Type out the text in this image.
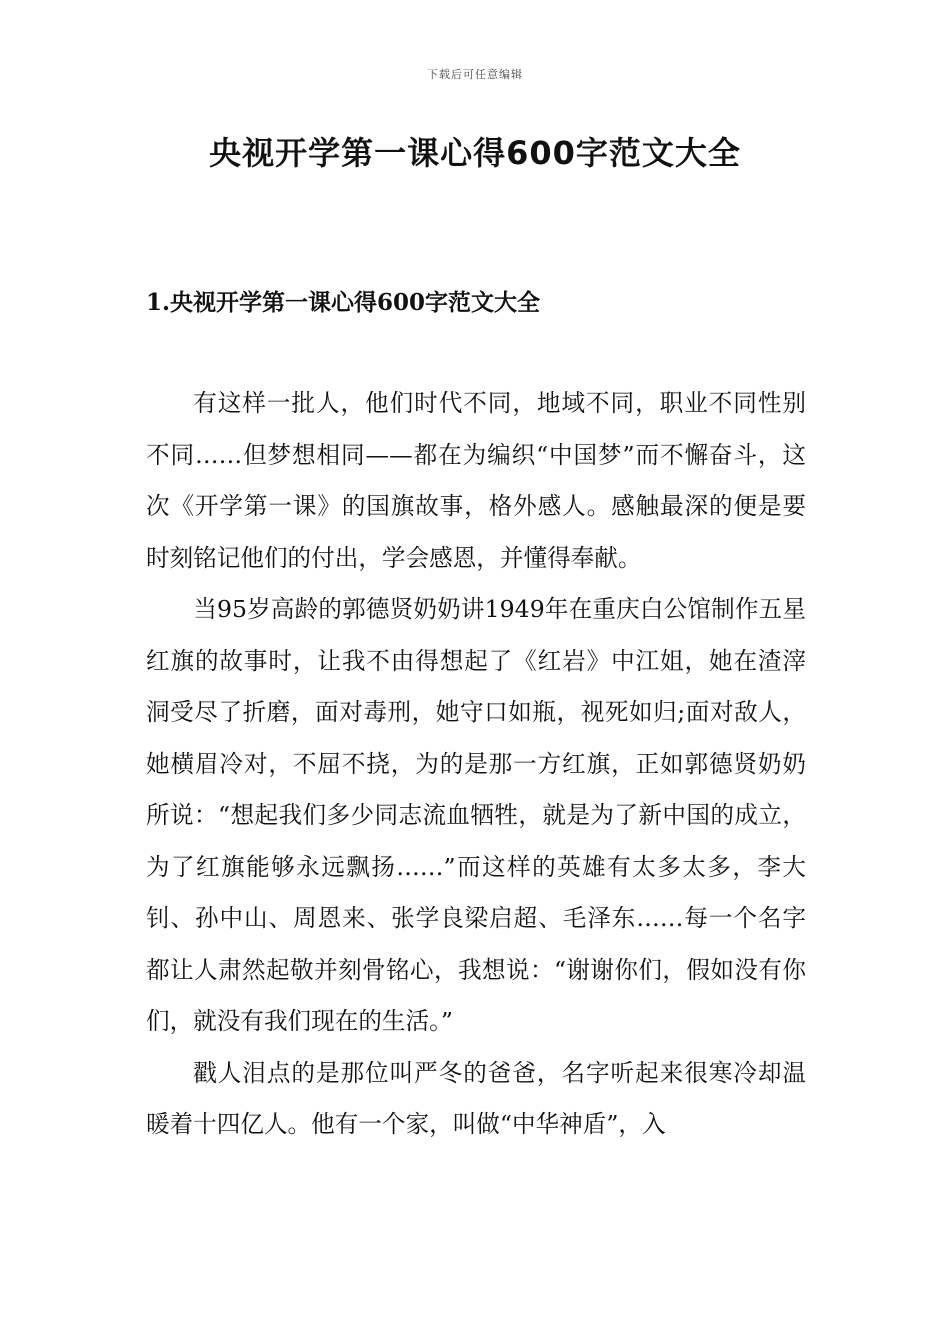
下载后可任意编辑
央视开学第一课心得600字范文大全
1.央视开学第一课心得600字范文大全

有这样一批人，他们时代不同，地域不同，职业不同性别不同……但梦想相同——都在为编织“中国梦”而不懈奋斗，这次《开学第一课》的国旗故事，格外感人。感触最深的便是要时刻铭记他们的付出，学会感恩，并懂得奉献。

当95岁高龄的郭德贤奶奶讲1949年在重庆白公馆制作五星红旗的故事时，让我不由得想起了《红岩》中江姐，她在渣滓洞受尽了折磨，面对毒刑，她守口如瓶，视死如归;面对敌人，她横眉冷对，不屈不挠，为的是那一方红旗，正如郭德贤奶奶所说：“想起我们多少同志流血牺牲，就是为了新中国的成立，为了红旗能够永远飘扬……”而这样的英雄有太多太多，李大钊、孙中山、周恩来、张学良梁启超、毛泽东……每一个名字都让人肃然起敬并刻骨铭心，我想说：“谢谢你们，假如没有你们，就没有我们现在的生活。”

戳人泪点的是那位叫严冬的爸爸，名字听起来很寒冷却温暖着十四亿人。他有一个家，叫做“中华神盾”，入
